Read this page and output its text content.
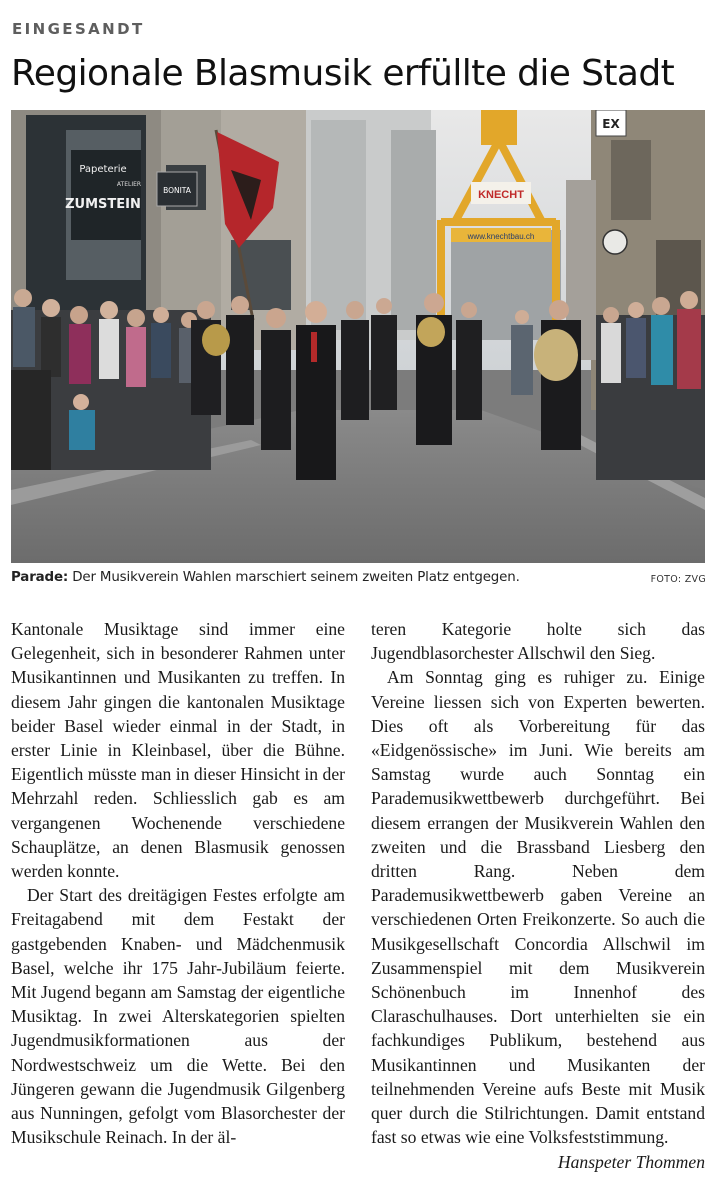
EINGESANDT
Regionale Blasmusik erfüllte die Stadt
KNECHT
www.knechtbau.ch
Papeterie
ZUMSTEIN
ATELIER
BONITA
EX
Parade: Der Musikverein Wahlen marschiert seinem zweiten Platz entgegen.	FOTO: ZVG

Kantonale Musiktage sind immer eine Gelegenheit, sich in besonderer Rahmen unter Musikantinnen und Musikanten zu treffen. In diesem Jahr gingen die kantonalen Musiktage beider Basel wieder einmal in der Stadt, in erster Linie in Kleinbasel, über die Bühne. Eigentlich müsste man in dieser Hinsicht in der Mehrzahl reden. Schliesslich gab es am vergangenen Wochenende verschiedene Schauplätze, an denen Blasmusik genossen werden konnte.

Der Start des dreitägigen Festes erfolgte am Freitagabend mit dem Festakt der gastgebenden Knaben- und Mädchenmusik Basel, welche ihr 175 Jahr-Jubiläum feierte. Mit Jugend begann am Samstag der eigentliche Musiktag. In zwei Alterskategorien spielten Jugendmusikformationen aus der Nordwestschweiz um die Wette. Bei den Jüngeren gewann die Jugendmusik Gilgenberg aus Nunningen, gefolgt vom Blasorchester der Musikschule Reinach. In der äl-

teren Kategorie holte sich das Jugendblasorchester Allschwil den Sieg.

Am Sonntag ging es ruhiger zu. Einige Vereine liessen sich von Experten bewerten. Dies oft als Vorbereitung für das «Eidgenössische» im Juni. Wie bereits am Samstag wurde auch Sonntag ein Parademusikwettbewerb durchgeführt. Bei diesem errangen der Musikverein Wahlen den zweiten und die Brassband Liesberg den dritten Rang. Neben dem Parademusikwettbewerb gaben Vereine an verschiedenen Orten Freikonzerte. So auch die Musikgesellschaft Concordia Allschwil im Zusammenspiel mit dem Musikverein Schönenbuch im Innenhof des Claraschulhauses. Dort unterhielten sie ein fachkundiges Publikum, bestehend aus Musikantinnen und Musikanten der teilnehmenden Vereine aufs Beste mit Musik quer durch die Stilrichtungen. Damit entstand fast so etwas wie eine Volksfeststimmung.

Hanspeter Thommen
